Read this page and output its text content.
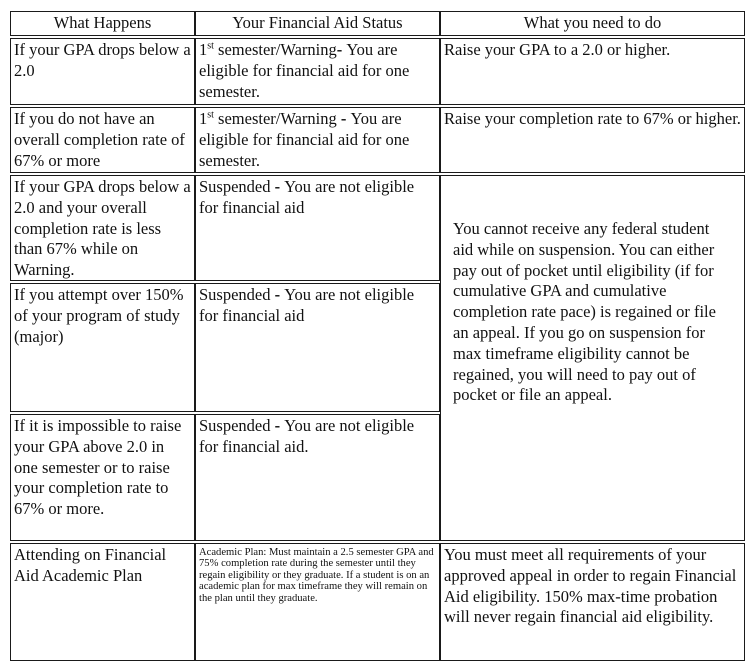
What Happens	Your Financial Aid Status	What you need to do
If your GPA drops below a 2.0
1st semester/Warning- You are eligible for financial aid for one semester.
Raise your GPA to a 2.0 or higher.
If you do not have an overall completion rate of 67% or more
1st semester/Warning - You are eligible for financial aid for one semester.
Raise your completion rate to 67% or higher.
If your GPA drops below a 2.0 and your overall completion rate is less than 67% while on Warning.
Suspended - You are not eligible for financial aid
If you attempt over 150% of your program of study (major)
Suspended - You are not eligible for financial aid
If it is impossible to raise your GPA above 2.0 in one semester or to raise your completion rate to 67% or more.
Suspended - You are not eligible for financial aid.
You cannot receive any federal student aid while on suspension. You can either pay out of pocket until eligibility (if for cumulative GPA and cumulative completion rate pace) is regained or file an appeal. If you go on suspension for max timeframe eligibility cannot be regained, you will need to pay out of pocket or file an appeal.
Attending on Financial Aid Academic Plan
Academic Plan: Must maintain a 2.5 semester GPA and 75% completion rate during the semester until they regain eligibility or they graduate. If a student is on an academic plan for max timeframe they will remain on the plan until they graduate.
You must meet all requirements of your approved appeal in order to regain Financial Aid eligibility. 150% max-time probation will never regain financial aid eligibility.
